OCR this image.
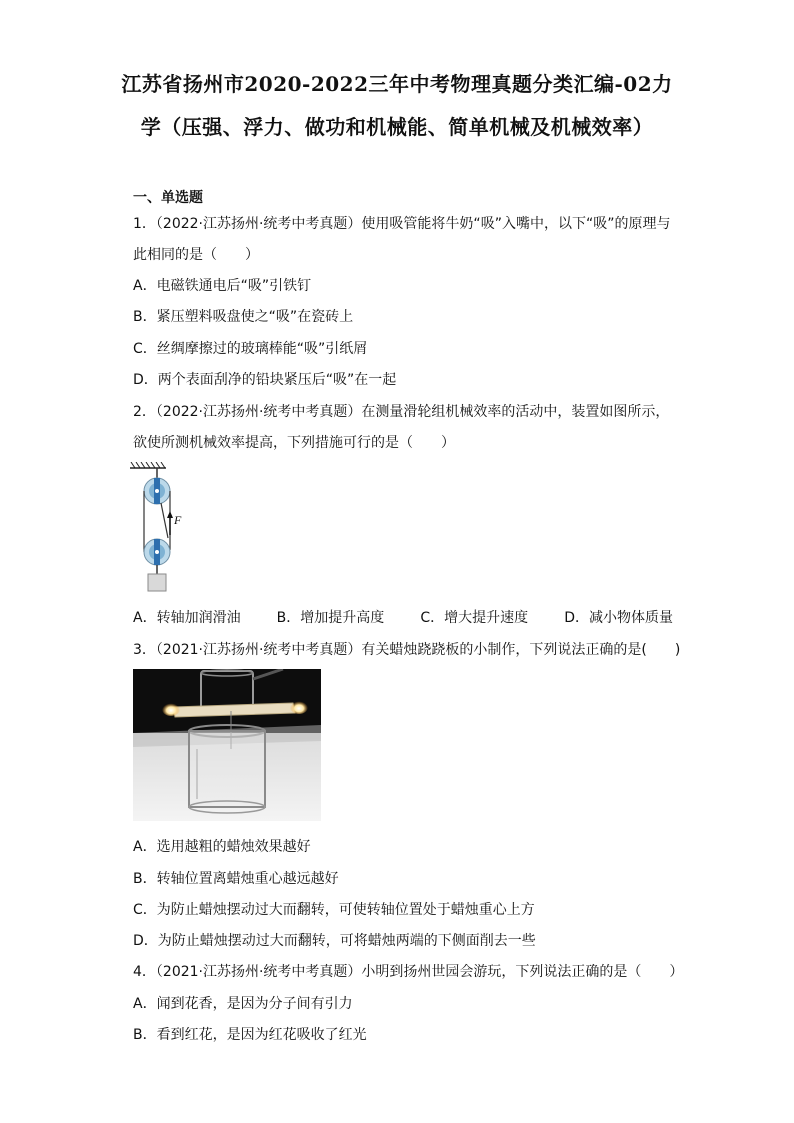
江苏省扬州市2020-2022三年中考物理真题分类汇编-02力
学（压强、浮力、做功和机械能、简单机械及机械效率）
一、单选题
1．（2022·江苏扬州·统考中考真题）使用吸管能将牛奶“吸”入嘴中，以下“吸”的原理与
此相同的是（　　）
A．电磁铁通电后“吸”引铁钉
B．紧压塑料吸盘使之“吸”在瓷砖上
C．丝绸摩擦过的玻璃棒能“吸”引纸屑
D．两个表面刮净的铅块紧压后“吸”在一起
2．（2022·江苏扬州·统考中考真题）在测量滑轮组机械效率的活动中，装置如图所示，
欲使所测机械效率提高，下列措施可行的是（　　）
F
A．转轴加润滑油	B．增加提升高度	C．增大提升速度	D．减小物体质量
3．（2021·江苏扬州·统考中考真题）有关蜡烛跷跷板的小制作，下列说法正确的是(　　)
A．选用越粗的蜡烛效果越好
B．转轴位置离蜡烛重心越远越好
C．为防止蜡烛摆动过大而翻转，可使转轴位置处于蜡烛重心上方
D．为防止蜡烛摆动过大而翻转，可将蜡烛两端的下侧面削去一些
4．（2021·江苏扬州·统考中考真题）小明到扬州世园会游玩，下列说法正确的是（　　）
A．闻到花香，是因为分子间有引力
B．看到红花，是因为红花吸收了红光
